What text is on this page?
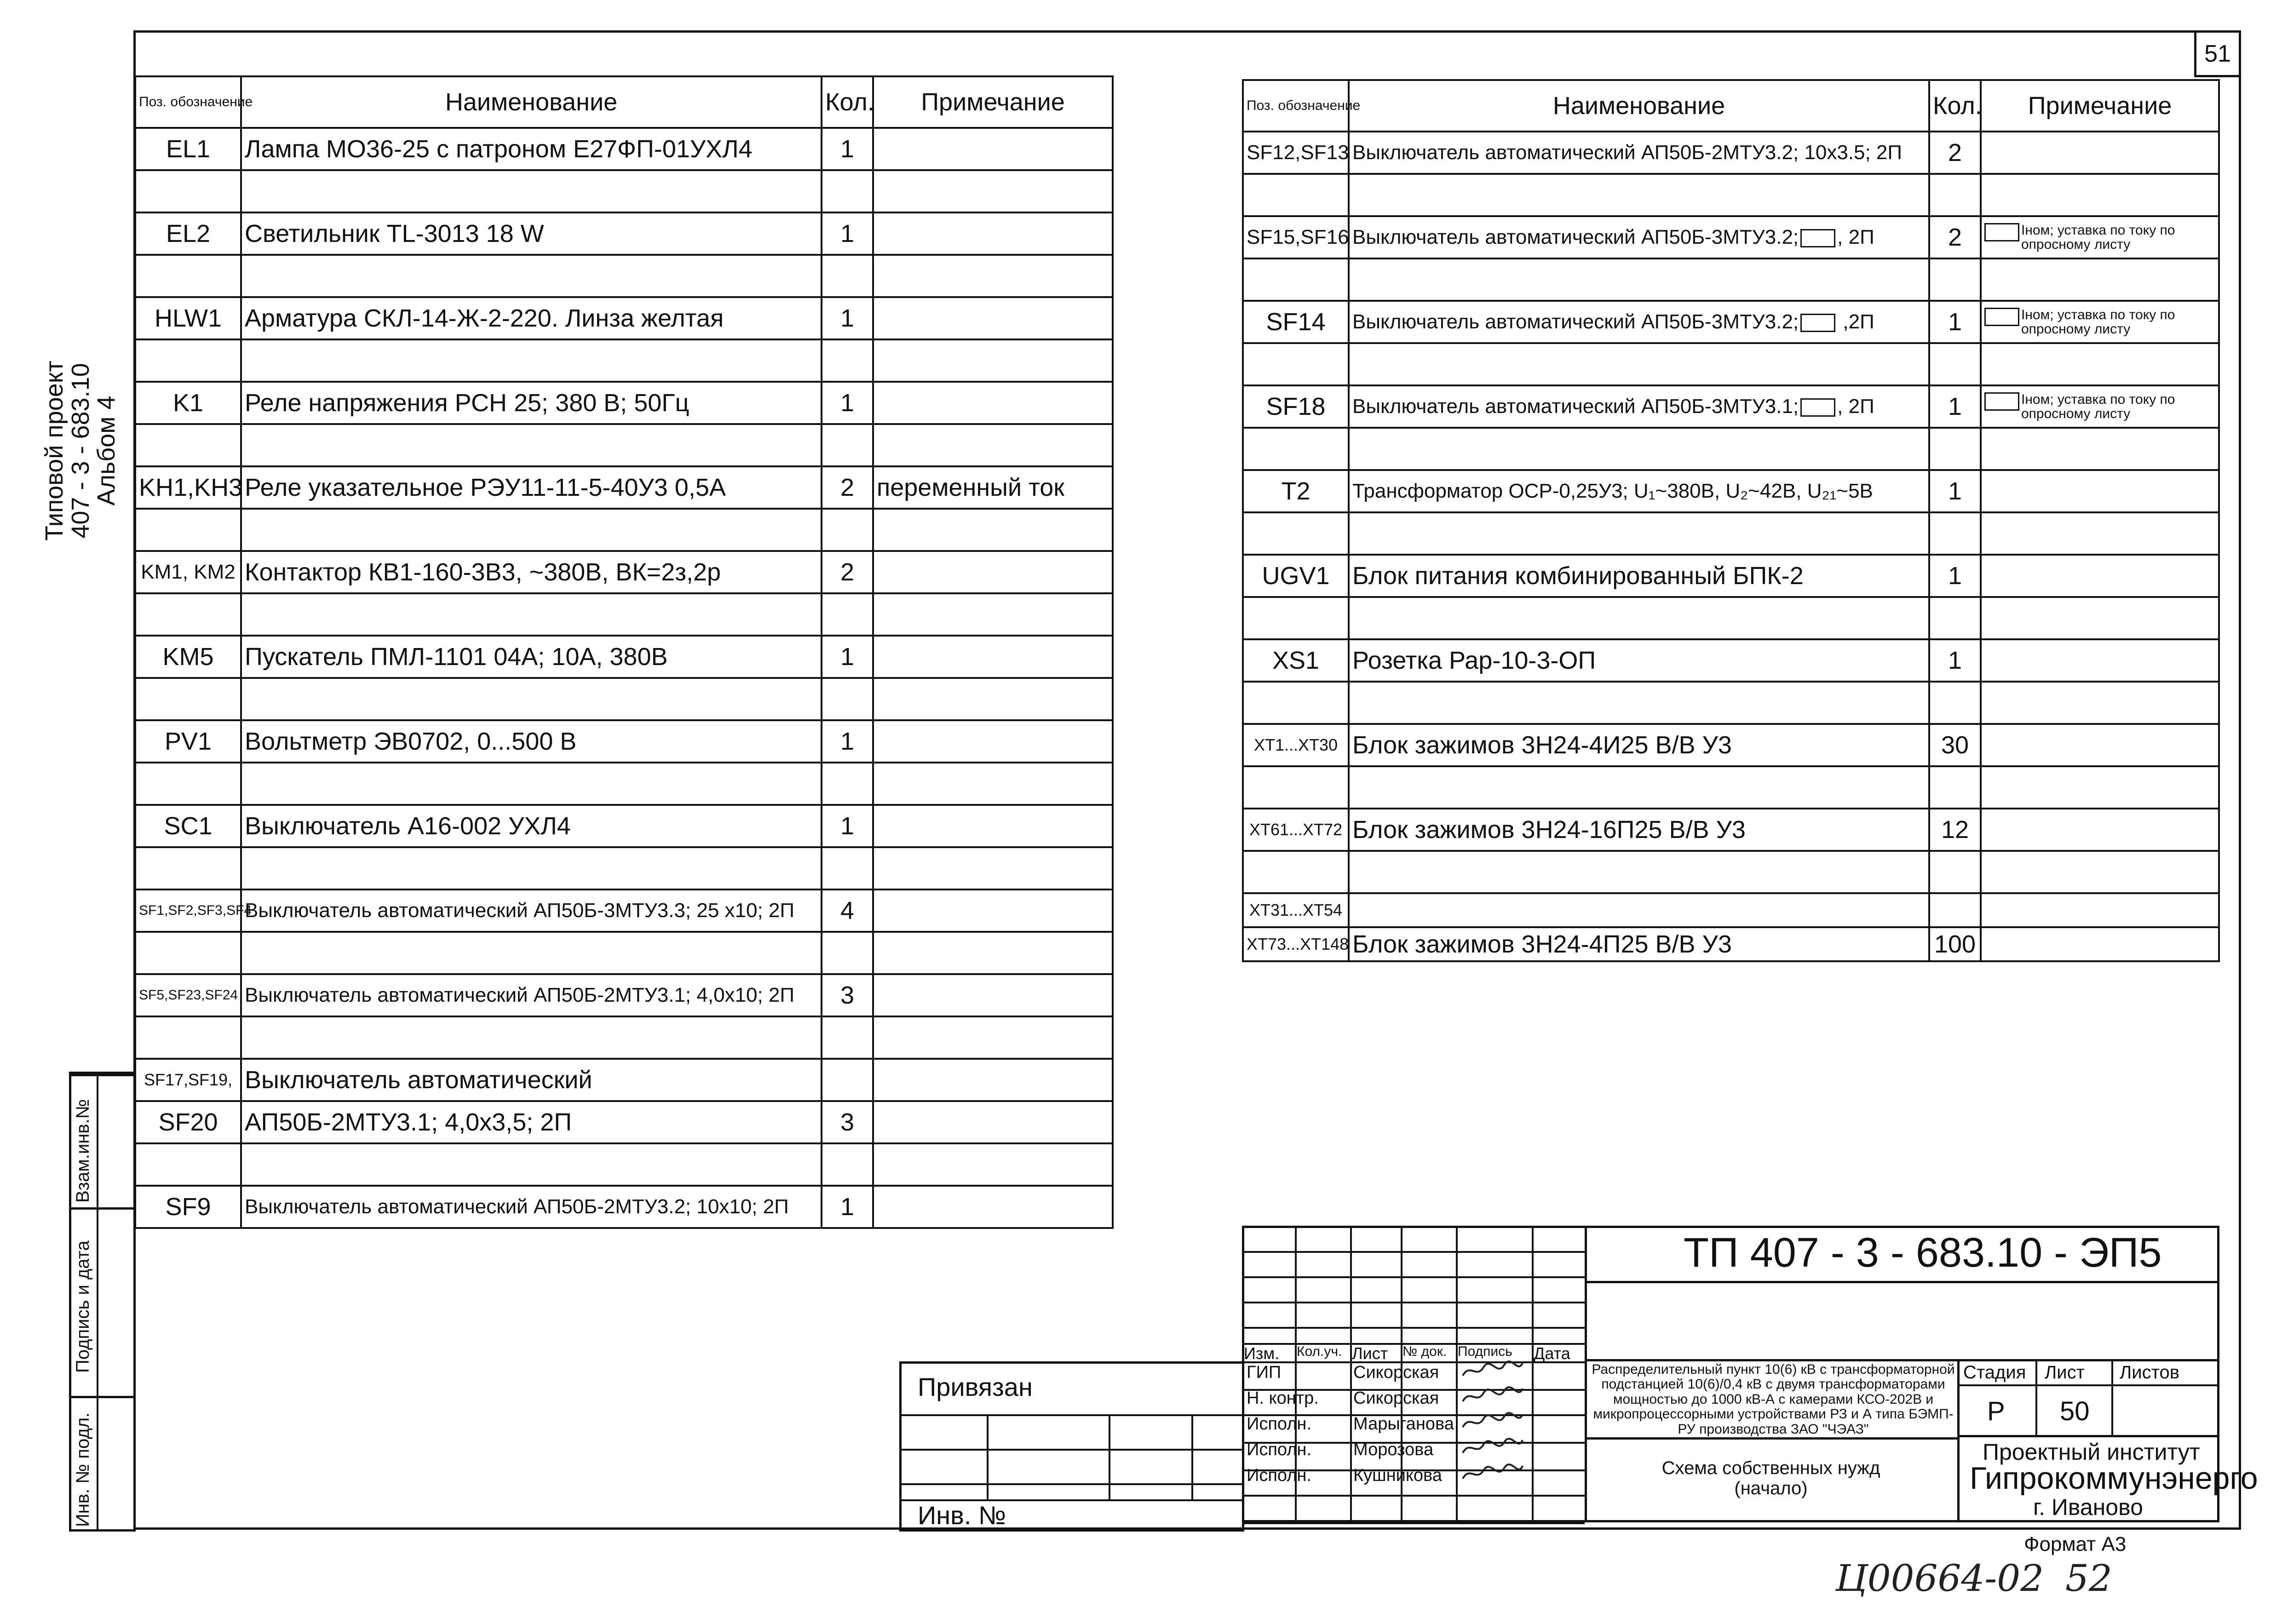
51
Типовой проект
407 - 3 - 683.10
Альбом 4
Взам.инв.№
Подпись и дата
Инв. № подл.
Поз. обозначение	Наименование	Кол.	Примечание
EL1	Лампа МО36-25 с патроном Е27ФП-01УХЛ4	1	

EL2	Светильник TL-3013 18 W	1	

HLW1	Арматура СКЛ-14-Ж-2-220. Линза желтая	1	

K1	Реле напряжения РСН 25; 380 В; 50Гц	1	

KH1,KH3	Реле указательное РЭУ11-11-5-40У3 0,5А	2	переменный ток

KM1, KM2	Контактор КВ1-160-3В3, ~380В, ВК=2з,2р	2	

KM5	Пускатель ПМЛ-1101 04А; 10А, 380В	1	

PV1	Вольтметр ЭВ0702, 0...500 В	1	

SC1	Выключатель А16-002 УХЛ4	1	

SF1,SF2,SF3,SF4	Выключатель автоматический АП50Б-3МТУ3.3; 25 х10; 2П	4	

SF5,SF23,SF24	Выключатель автоматический АП50Б-2МТУ3.1; 4,0х10; 2П	3	

SF17,SF19,	Выключатель автоматический		
SF20	АП50Б-2МТУ3.1; 4,0х3,5; 2П	3	

SF9	Выключатель автоматический АП50Б-2МТУ3.2; 10х10; 2П	1	
Поз. обозначение	Наименование	Кол.	Примечание
SF12,SF13	Выключатель автоматический АП50Б-2МТУ3.2; 10х3.5; 2П	2	

SF15,SF16	Выключатель автоматический АП50Б-3МТУ3.2; , 2П	2	Iном; уставка по току по опросному листу

SF14	Выключатель автоматический АП50Б-3МТУ3.2; ,2П	1	Iном; уставка по току по опросному листу

SF18	Выключатель автоматический АП50Б-3МТУ3.1; , 2П	1	Iном; уставка по току по опросному листу

T2	Трансформатор ОСР-0,25У3; U₁~380В, U₂~42В, U₂₁~5В	1	

UGV1	Блок питания комбинированный БПК-2	1	

XS1	Розетка Рар-10-3-ОП	1	

XT1...XT30	Блок зажимов 3Н24-4И25 В/В У3	30	

XT61...XT72	Блок зажимов 3Н24-16П25 В/В У3	12	

XT31...XT54			
XT73...XT148	Блок зажимов 3Н24-4П25 В/В У3	100	
ТП 407 - 3 - 683.10 - ЭП5
Изм. Кол.уч. Лист № док. Подпись Дата
ГИП	Сикорская
Н. контр. Сикорская
Исполн. Марыганова
Исполн. Морозова
Исполн. Кушникова
Распределительный пункт 10(6) кВ с трансформаторной подстанцией 10(6)/0,4 кВ с двумя трансформаторами мощностью до 1000 кВ-А с камерами КСО-202В и микропроцессорными устройствами РЗ и А типа БЭМП-РУ производства ЗАО "ЧЭАЗ"
Схема собственных нужд (начало)
Стадия Лист Листов
Р 50
Проектный институт
Гипрокоммунэнерго
г. Иваново
Привязан
Инв. №
Формат А3
Ц00664-02 52
